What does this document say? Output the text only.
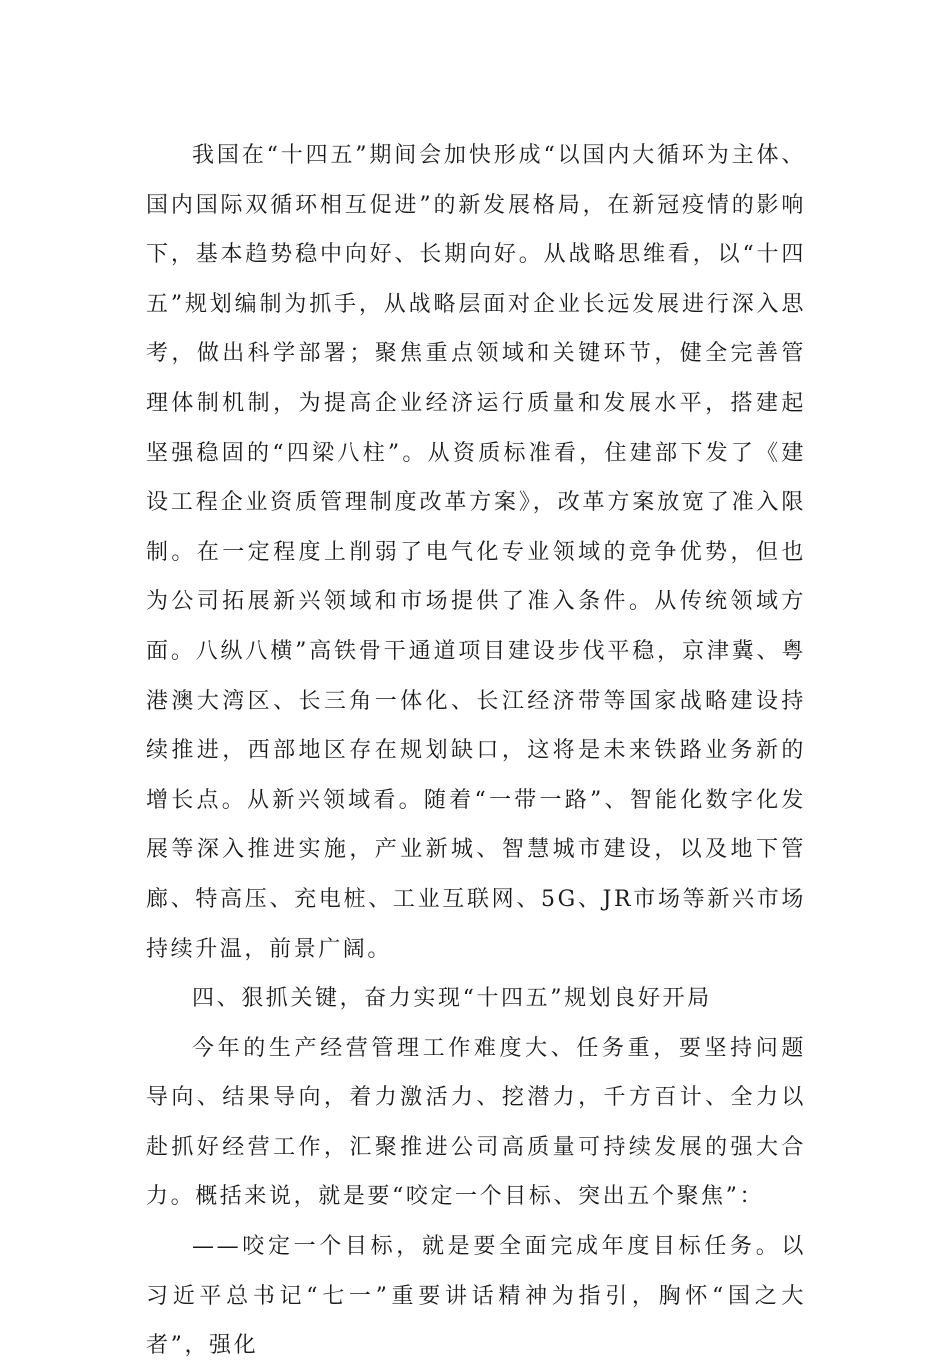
我国在“十四五”期间会加快形成“以国内大循环为主体、国内国际双循环相互促进”的新发展格局，在新冠疫情的影响下，基本趋势稳中向好、长期向好。从战略思维看，以“十四五”规划编制为抓手，从战略层面对企业长远发展进行深入思考，做出科学部署；聚焦重点领域和关键环节，健全完善管理体制机制，为提高企业经济运行质量和发展水平，搭建起坚强稳固的“四梁八柱”。从资质标准看，住建部下发了《建设工程企业资质管理制度改革方案》，改革方案放宽了准入限制。在一定程度上削弱了电气化专业领域的竞争优势，但也为公司拓展新兴领域和市场提供了准入条件。从传统领域方面。八纵八横”高铁骨干通道项目建设步伐平稳，京津冀、粤港澳大湾区、长三角一体化、长江经济带等国家战略建设持续推进，西部地区存在规划缺口，这将是未来铁路业务新的增长点。从新兴领域看。随着“一带一路”、智能化数字化发展等深入推进实施，产业新城、智慧城市建设，以及地下管廊、特高压、充电桩、工业互联网、5G、JR市场等新兴市场持续升温，前景广阔。

四、狠抓关键，奋力实现“十四五”规划良好开局

今年的生产经营管理工作难度大、任务重，要坚持问题导向、结果导向，着力激活力、挖潜力，千方百计、全力以赴抓好经营工作，汇聚推进公司高质量可持续发展的强大合力。概括来说，就是要“咬定一个目标、突出五个聚焦”：

——咬定一个目标，就是要全面完成年度目标任务。以习近平总书记“七一”重要讲话精神为指引，胸怀“国之大者”，强化
